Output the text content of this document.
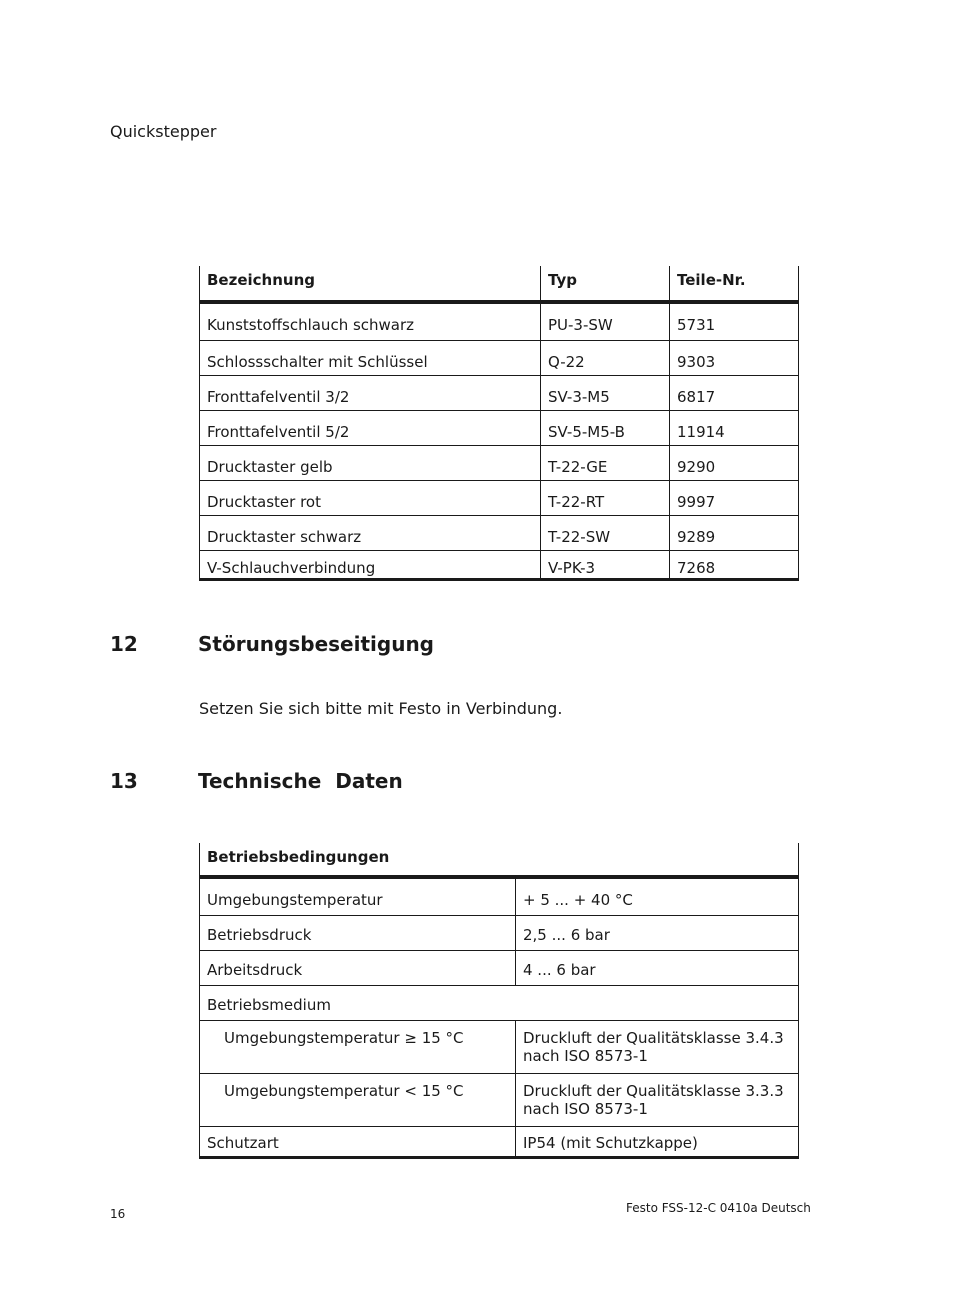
Quickstepper
Bezeichnung	Typ	Teile-Nr.
Kunststoffschlauch schwarz	PU-3-SW	5731
Schlossschalter mit Schlüssel	Q-22	9303
Fronttafelventil 3/2	SV-3-M5	6817
Fronttafelventil 5/2	SV-5-M5-B	11914
Drucktaster gelb	T-22-GE	9290
Drucktaster rot	T-22-RT	9997
Drucktaster schwarz	T-22-SW	9289
V-Schlauchverbindung	V-PK-3	7268
12	Störungsbeseitigung
Setzen Sie sich bitte mit Festo in Verbindung.
13	Technische  Daten
Betriebsbedingungen	
Umgebungstemperatur	+ 5 ... + 40 °C
Betriebsdruck	2,5 ... 6 bar
Arbeitsdruck	4 ... 6 bar
Betriebsmedium	
Umgebungstemperatur ≥ 15 °C	Druckluft der Qualitätsklasse 3.4.3
nach ISO 8573-1

Umgebungstemperatur < 15 °C	Druckluft der Qualitätsklasse 3.3.3
nach ISO 8573-1

Schutzart	IP54 (mit Schutzkappe)
16	Festo FSS-12-C 0410a Deutsch
